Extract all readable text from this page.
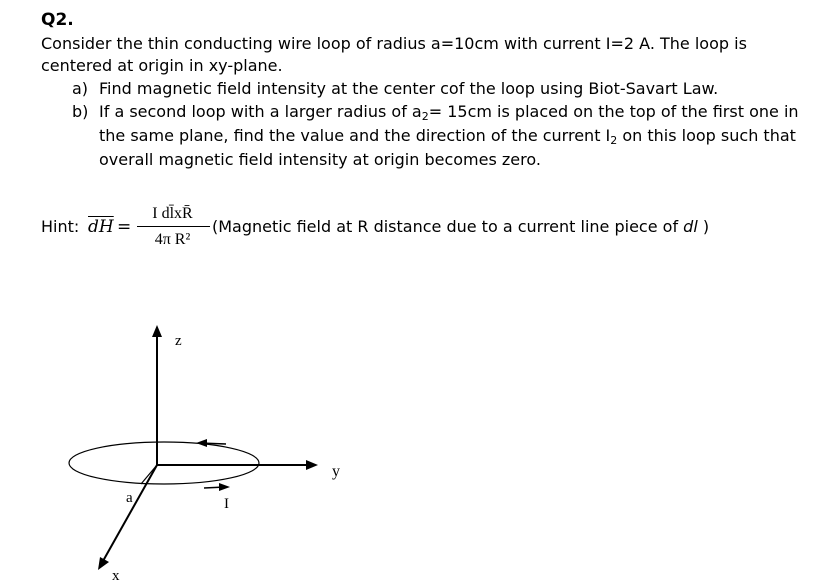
Q2.
Consider the thin conducting wire loop of radius a=10cm with current I=2 A. The loop is
centered at origin in xy-plane.
a) Find magnetic field intensity at the center cof the loop using Biot-Savart Law.
b) If a second loop with a larger radius of $a_2= 15cm$ is placed on the top of the first one in
the same plane, find the value and the direction of the current $I_2$ on this loop such that
overall magnetic field intensity at origin becomes zero.
Hint: $\overline{dH}$ =
I dl̄xR̄
4π R²
(Magnetic field at R distance due to a current line piece of dl )
z
y
x
a	I
